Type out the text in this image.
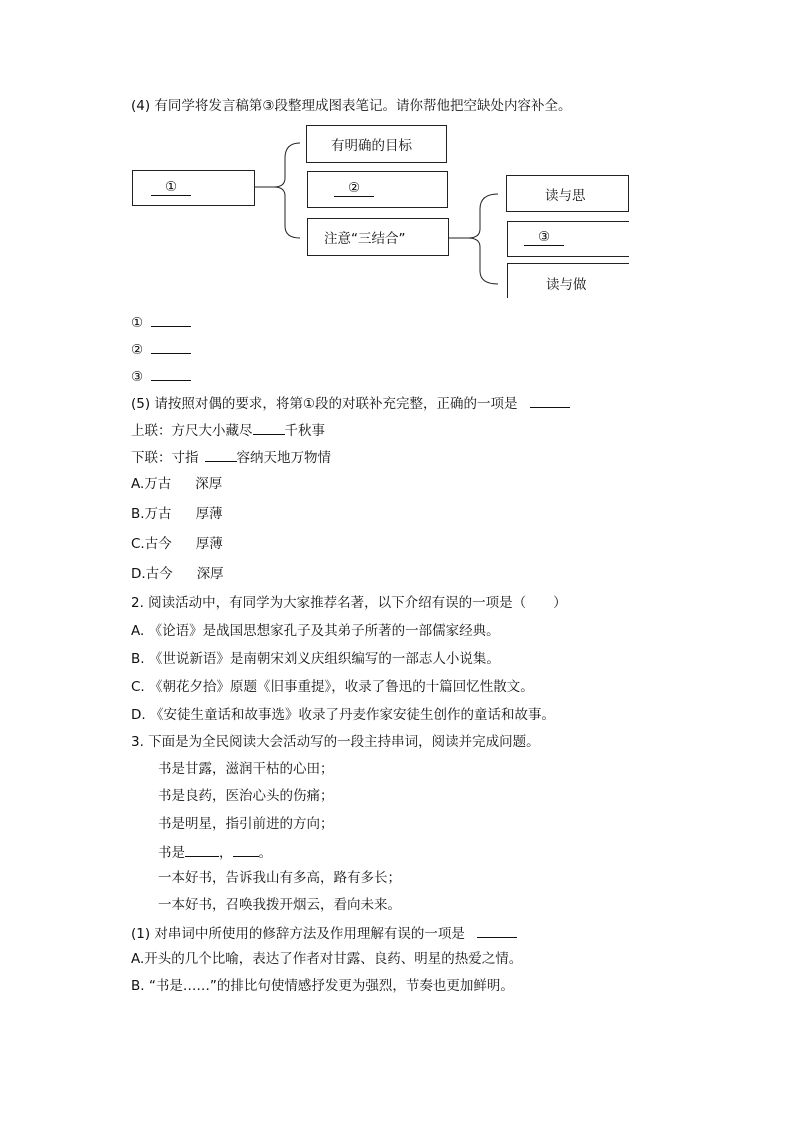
(4) 有同学将发言稿第③段整理成图表笔记。请你帮他把空缺处内容补全。
①
有明确的目标
②
注意“三结合”
读与思
③
读与做
①
②
③
(5) 请按照对偶的要求，将第①段的对联补充完整，正确的一项是
上联：方尺大小藏尽 千秋事
下联：寸指	容纳天地万物情
A.万古 深厚
B.万古 厚薄
C.古今 厚薄
D.古今 深厚
2. 阅读活动中，有同学为大家推荐名著，以下介绍有误的一项是（　　）
A. 《论语》是战国思想家孔子及其弟子所著的一部儒家经典。
B. 《世说新语》是南朝宋刘义庆组织编写的一部志人小说集。
C. 《朝花夕拾》原题《旧事重提》，收录了鲁迅的十篇回忆性散文。
D. 《安徒生童话和故事选》收录了丹麦作家安徒生创作的童话和故事。
3. 下面是为全民阅读大会活动写的一段主持串词，阅读并完成问题。
书是甘露，滋润干枯的心田；
书是良药，医治心头的伤痛；
书是明星，指引前进的方向；
书是	， 。
一本好书，告诉我山有多高，路有多长；
一本好书，召唤我拨开烟云，看向未来。
(1) 对串词中所使用的修辞方法及作用理解有误的一项是
A.开头的几个比喻，表达了作者对甘露、良药、明星的热爱之情。
B. “书是……”的排比句使情感抒发更为强烈，节奏也更加鲜明。
